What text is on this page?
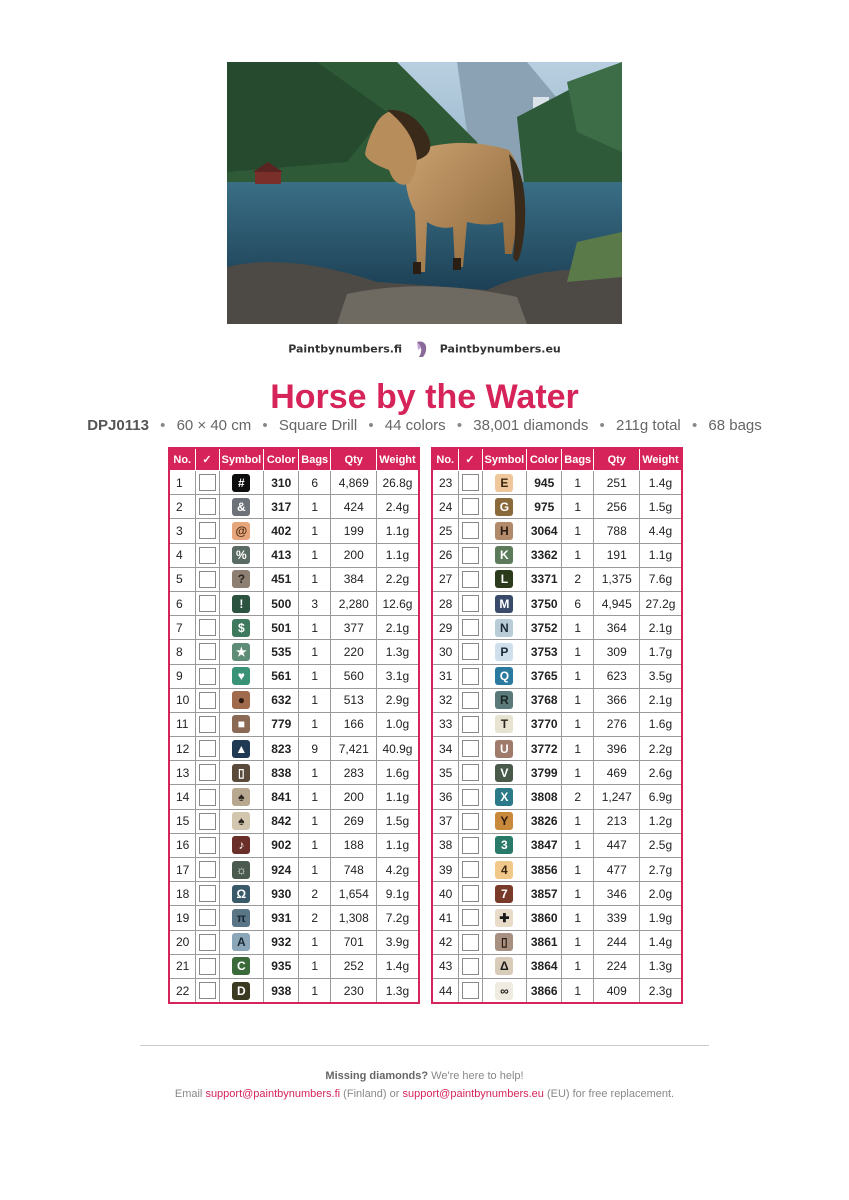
Paintbynumbers.fi	Paintbynumbers.eu
Horse by the Water
DPJ0113 • 60 × 40 cm • Square Drill • 44 colors • 38,001 diamonds • 211g total • 68 bags
No.	✓	Symbol	Color	Bags	Qty	Weight
1		#	310	6	4,869	26.8g
2		&	317	1	424	2.4g
3		@	402	1	199	1.1g
4		%	413	1	200	1.1g
5		?	451	1	384	2.2g
6		!	500	3	2,280	12.6g
7		$	501	1	377	2.1g
8		★	535	1	220	1.3g
9		♥	561	1	560	3.1g
10		●	632	1	513	2.9g
11		■	779	1	166	1.0g
12		▲	823	9	7,421	40.9g
13		▯	838	1	283	1.6g
14		♠	841	1	200	1.1g
15		♠	842	1	269	1.5g
16		♪	902	1	188	1.1g
17		☼	924	1	748	4.2g
18		Ω	930	2	1,654	9.1g
19		π	931	2	1,308	7.2g
20		A	932	1	701	3.9g
21		C	935	1	252	1.4g
22		D	938	1	230	1.3g
No.	✓	Symbol	Color	Bags	Qty	Weight
23		E	945	1	251	1.4g
24		G	975	1	256	1.5g
25		H	3064	1	788	4.4g
26		K	3362	1	191	1.1g
27		L	3371	2	1,375	7.6g
28		M	3750	6	4,945	27.2g
29		N	3752	1	364	2.1g
30		P	3753	1	309	1.7g
31		Q	3765	1	623	3.5g
32		R	3768	1	366	2.1g
33		T	3770	1	276	1.6g
34		U	3772	1	396	2.2g
35		V	3799	1	469	2.6g
36		X	3808	2	1,247	6.9g
37		Y	3826	1	213	1.2g
38		3	3847	1	447	2.5g
39		4	3856	1	477	2.7g
40		7	3857	1	346	2.0g
41		✚	3860	1	339	1.9g
42		▯	3861	1	244	1.4g
43		Δ	3864	1	224	1.3g
44		∞	3866	1	409	2.3g
Missing diamonds? We're here to help!
Email support@paintbynumbers.fi (Finland) or support@paintbynumbers.eu (EU) for free replacement.
